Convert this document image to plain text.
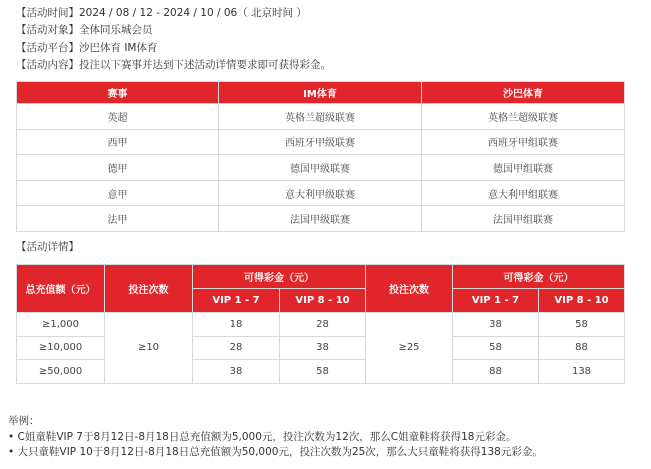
【活动时间】2024 / 08 / 12 - 2024 / 10 / 06（ 北京时间 ）
【活动对象】全体同乐城会员
【活动平台】沙巴体育 IM体育
【活动内容】投注以下赛事并达到下述活动详情要求即可获得彩金。
赛事	IM体育	沙巴体育
英超	英格兰超级联赛	英格兰超级联赛
西甲	西班牙甲级联赛	西班牙甲组联赛
德甲	德国甲级联赛	德国甲组联赛
意甲	意大利甲级联赛	意大利甲组联赛
法甲	法国甲级联赛	法国甲组联赛
【活动详情】
总充值额（元）	投注次数	可得彩金（元）		投注次数	可得彩金（元）	
		VIP 1 - 7	VIP 8 - 10		VIP 1 - 7	VIP 8 - 10
≥1,000	≥10	18	28	≥25	38	58
≥10,000		28	38		58	88
≥50,000		38	58		88	138
举例：
• C姐童鞋VIP 7于8月12日-8月18日总充值额为5,000元，投注次数为12次，那么C姐童鞋将获得18元彩金。
• 大只童鞋VIP 10于8月12日-8月18日总充值额为50,000元，投注次数为25次，那么大只童鞋将获得138元彩金。
